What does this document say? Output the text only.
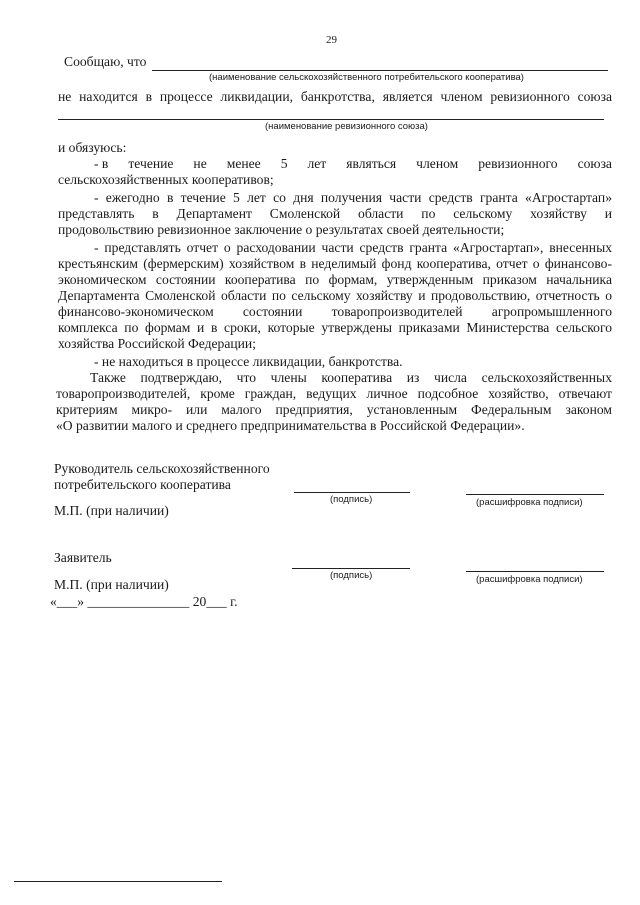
29
Сообщаю, что
(наименование сельскохозяйственного потребительского кооператива)
не находится в процессе ликвидации, банкротства, является членом ревизионного союза
(наименование ревизионного союза)
и обязуюсь:
- в течение не менее 5 лет являться членом ревизионного союза
сельскохозяйственных кооперативов;
- ежегодно в течение 5 лет со дня получения части средств гранта «Агростартап»
представлять в Департамент Смоленской области по сельскому хозяйству и
продовольствию ревизионное заключение о результатах своей деятельности;
- представлять отчет о расходовании части средств гранта «Агростартап», внесенных
крестьянским (фермерским) хозяйством в неделимый фонд кооператива, отчет о финансово-
экономическом состоянии кооператива по формам, утвержденным приказом начальника
Департамента Смоленской области по сельскому хозяйству и продовольствию, отчетность о
финансово-экономическом состоянии товаропроизводителей агропромышленного
комплекса по формам и в сроки, которые утверждены приказами Министерства сельского
хозяйства Российской Федерации;
- не находиться в процессе ликвидации, банкротства.
Также подтверждаю, что члены кооператива из числа сельскохозяйственных
товаропроизводителей, кроме граждан, ведущих личное подсобное хозяйство, отвечают
критериям микро- или малого предприятия, установленным Федеральным законом
«О развитии малого и среднего предпринимательства в Российской Федерации».
Руководитель сельскохозяйственного
потребительского кооператива
(подпись)	(расшифровка подписи)
М.П. (при наличии)
Заявитель
(подпись)	(расшифровка подписи)
М.П. (при наличии)
«___» _______________ 20___ г.
